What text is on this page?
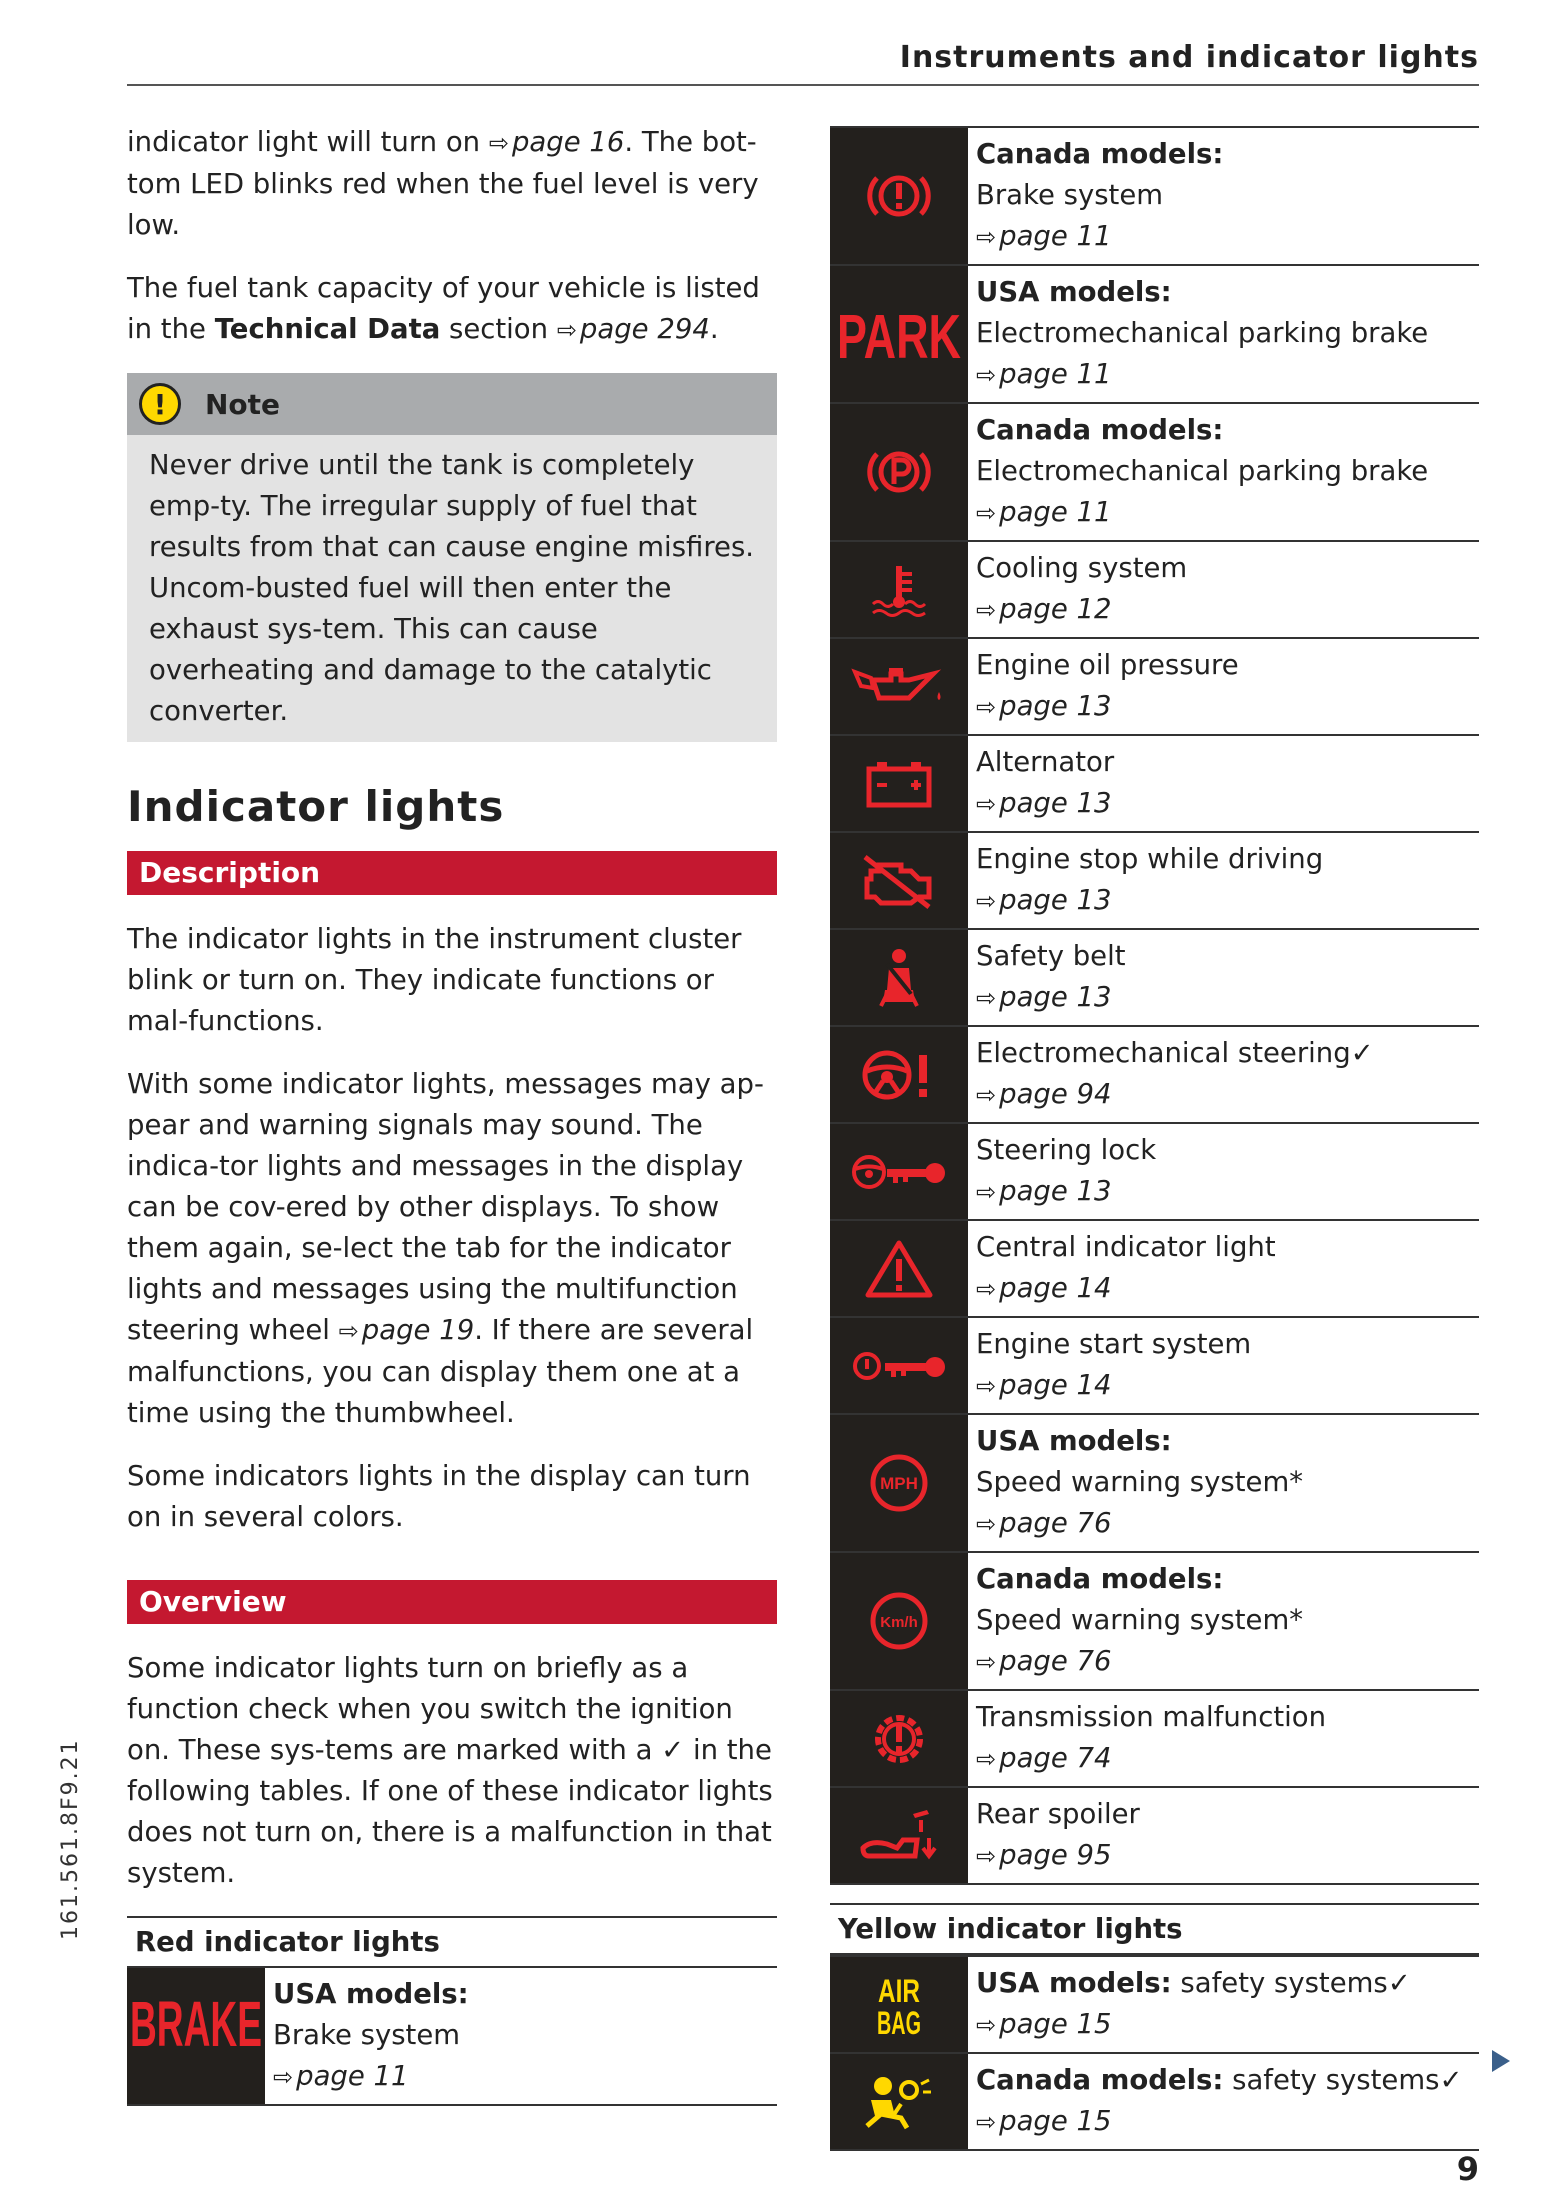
Instruments and indicator lights

indicator light will turn on ⇨ page 16. The bot-tom LED blinks red when the fuel level is very low.

The fuel tank capacity of your vehicle is listed in the Technical Data section ⇨ page 294.

!	Note
Never drive until the tank is completely emp-ty. The irregular supply of fuel that results from that can cause engine misfires. Uncom-busted fuel will then enter the exhaust sys-tem. This can cause overheating and damage to the catalytic converter.
Indicator lights
Description

The indicator lights in the instrument cluster blink or turn on. They indicate functions or mal-functions.

With some indicator lights, messages may ap-pear and warning signals may sound. The indica-tor lights and messages in the display can be cov-ered by other displays. To show them again, se-lect the tab for the indicator lights and messages using the multifunction steering wheel ⇨ page 19. If there are several malfunctions, you can display them one at a time using the thumbwheel.

Some indicators lights in the display can turn on in several colors.

Overview

Some indicator lights turn on briefly as a function check when you switch the ignition on. These sys-tems are marked with a ✓ in the following tables. If one of these indicator lights does not turn on, there is a malfunction in that system.

Red indicator lights
BRAKE USA models:
Brake system
⇨ page 11
Canada models:
Brake system
⇨ page 11
PARK
USA models:
Electromechanical parking brake
⇨ page 11
Canada models:
Electromechanical parking brake
⇨ page 11
Cooling system
⇨ page 12
Engine oil pressure
⇨ page 13
Alternator
⇨ page 13
Engine stop while driving
⇨ page 13
Safety belt
⇨ page 13
Electromechanical steering✓
⇨ page 94
Steering lock
⇨ page 13
Central indicator light
⇨ page 14
Engine start system
⇨ page 14
MPH
USA models:
Speed warning system*
⇨ page 76
Km/h
Canada models:
Speed warning system*
⇨ page 76
Transmission malfunction
⇨ page 74
Rear spoiler
⇨ page 95
Yellow indicator lights
AIR
BAG
USA models: safety systems✓
⇨ page 15
Canada models: safety systems✓
⇨ page 15
161.561.8F9.21
9
